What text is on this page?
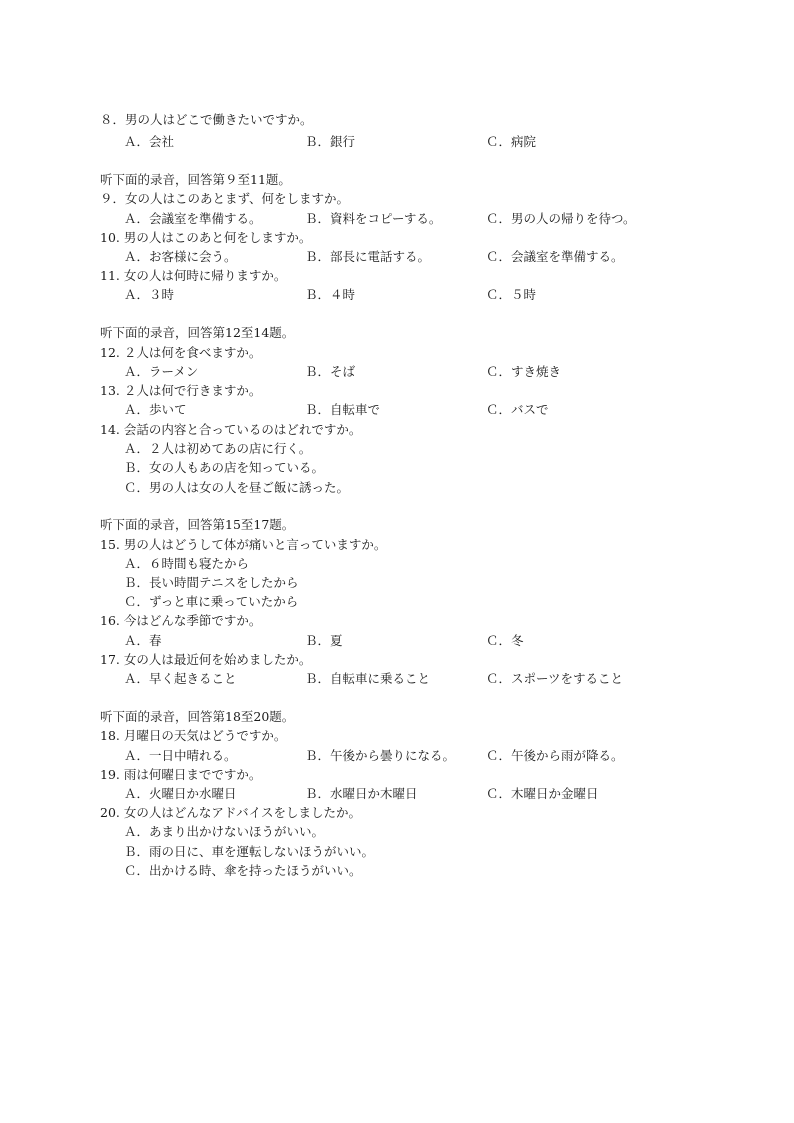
８．男の人はどこで働きたいですか。
Ａ．会社	Ｂ．銀行	Ｃ．病院
听下面的录音，回答第９至11题。
９．女の人はこのあとまず、何をしますか。
Ａ．会議室を準備する。	Ｂ．資料をコピーする。	Ｃ．男の人の帰りを待つ。
10. 男の人はこのあと何をしますか。
Ａ．お客様に会う。	Ｂ．部長に電話する。	Ｃ．会議室を準備する。
11. 女の人は何時に帰りますか。
Ａ．３時	Ｂ．４時	Ｃ．５時
听下面的录音，回答第12至14题。
12. ２人は何を食べますか。
Ａ．ラーメン	Ｂ．そば	Ｃ．すき焼き
13. ２人は何で行きますか。
Ａ．歩いて	Ｂ．自転車で	Ｃ．バスで
14. 会話の内容と合っているのはどれですか。
Ａ．２人は初めてあの店に行く。
Ｂ．女の人もあの店を知っている。
Ｃ．男の人は女の人を昼ご飯に誘った。
听下面的录音，回答第15至17题。
15. 男の人はどうして体が痛いと言っていますか。
Ａ．６時間も寝たから
Ｂ．長い時間テニスをしたから
Ｃ．ずっと車に乗っていたから
16. 今はどんな季節ですか。
Ａ．春	Ｂ．夏	Ｃ．冬
17. 女の人は最近何を始めましたか。
Ａ．早く起きること	Ｂ．自転車に乗ること	Ｃ．スポーツをすること
听下面的录音，回答第18至20题。
18. 月曜日の天気はどうですか。
Ａ．一日中晴れる。	Ｂ．午後から曇りになる。 Ｃ．午後から雨が降る。
19. 雨は何曜日までですか。
Ａ．火曜日か水曜日	Ｂ．水曜日か木曜日	Ｃ．木曜日か金曜日
20. 女の人はどんなアドバイスをしましたか。
Ａ．あまり出かけないほうがいい。
Ｂ．雨の日に、車を運転しないほうがいい。
Ｃ．出かける時、傘を持ったほうがいい。
